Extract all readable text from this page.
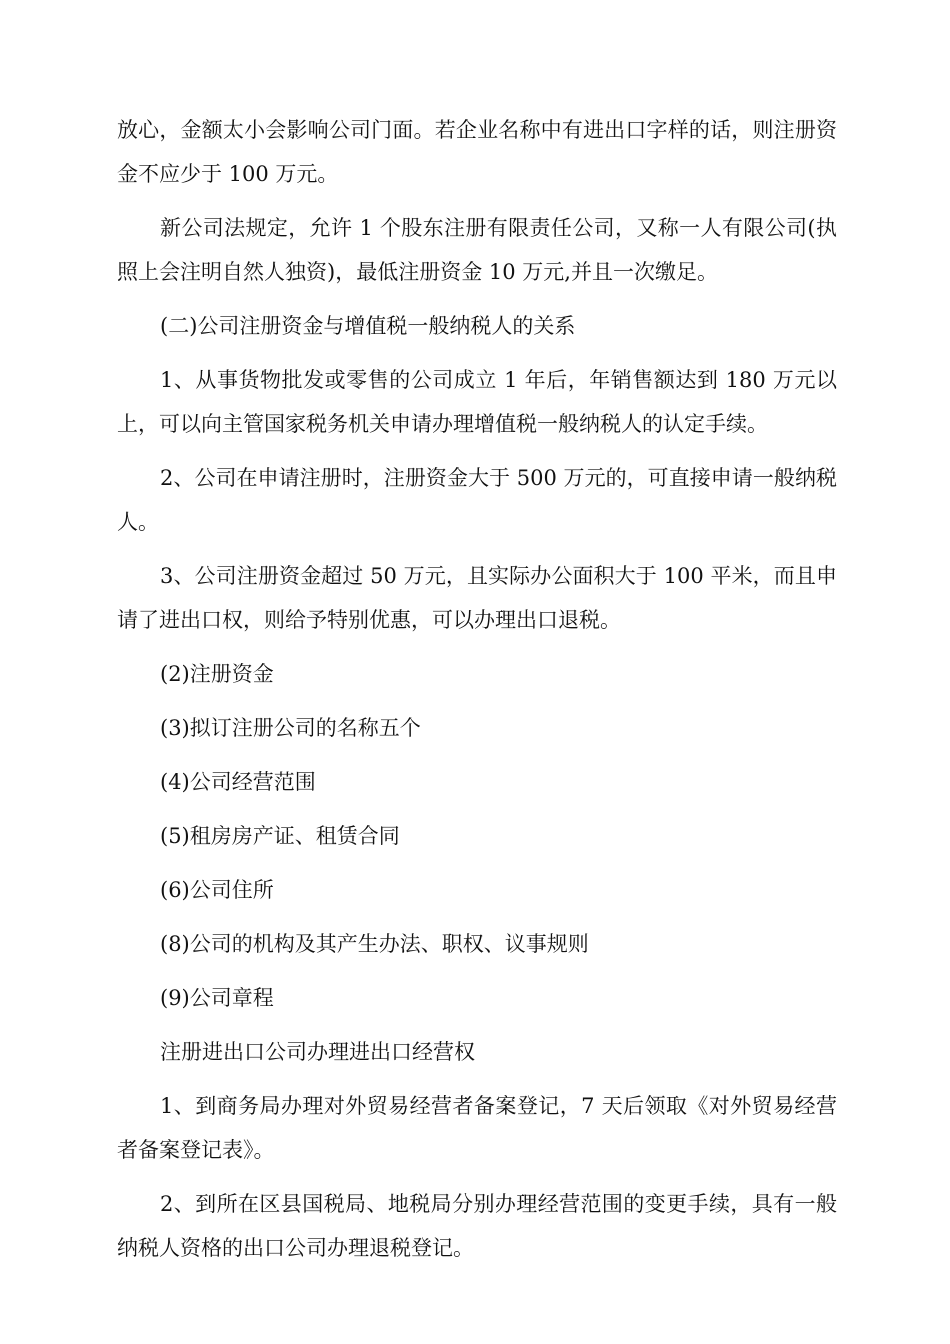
放心，金额太小会影响公司门面。若企业名称中有进出口字样的话，则注册资金不应少于 100 万元。

新公司法规定，允许 1 个股东注册有限责任公司，又称一人有限公司(执照上会注明自然人独资)，最低注册资金 10 万元,并且一次缴足。

(二)公司注册资金与增值税一般纳税人的关系

1、从事货物批发或零售的公司成立 1 年后，年销售额达到 180 万元以上，可以向主管国家税务机关申请办理增值税一般纳税人的认定手续。

2、公司在申请注册时，注册资金大于 500 万元的，可直接申请一般纳税人。

3、公司注册资金超过 50 万元，且实际办公面积大于 100 平米，而且申请了进出口权，则给予特别优惠，可以办理出口退税。

(2)注册资金

(3)拟订注册公司的名称五个

(4)公司经营范围

(5)租房房产证、租赁合同

(6)公司住所

(8)公司的机构及其产生办法、职权、议事规则

(9)公司章程

注册进出口公司办理进出口经营权

1、到商务局办理对外贸易经营者备案登记，7 天后领取《对外贸易经营者备案登记表》。

2、到所在区县国税局、地税局分别办理经营范围的变更手续，具有一般纳税人资格的出口公司办理退税登记。
